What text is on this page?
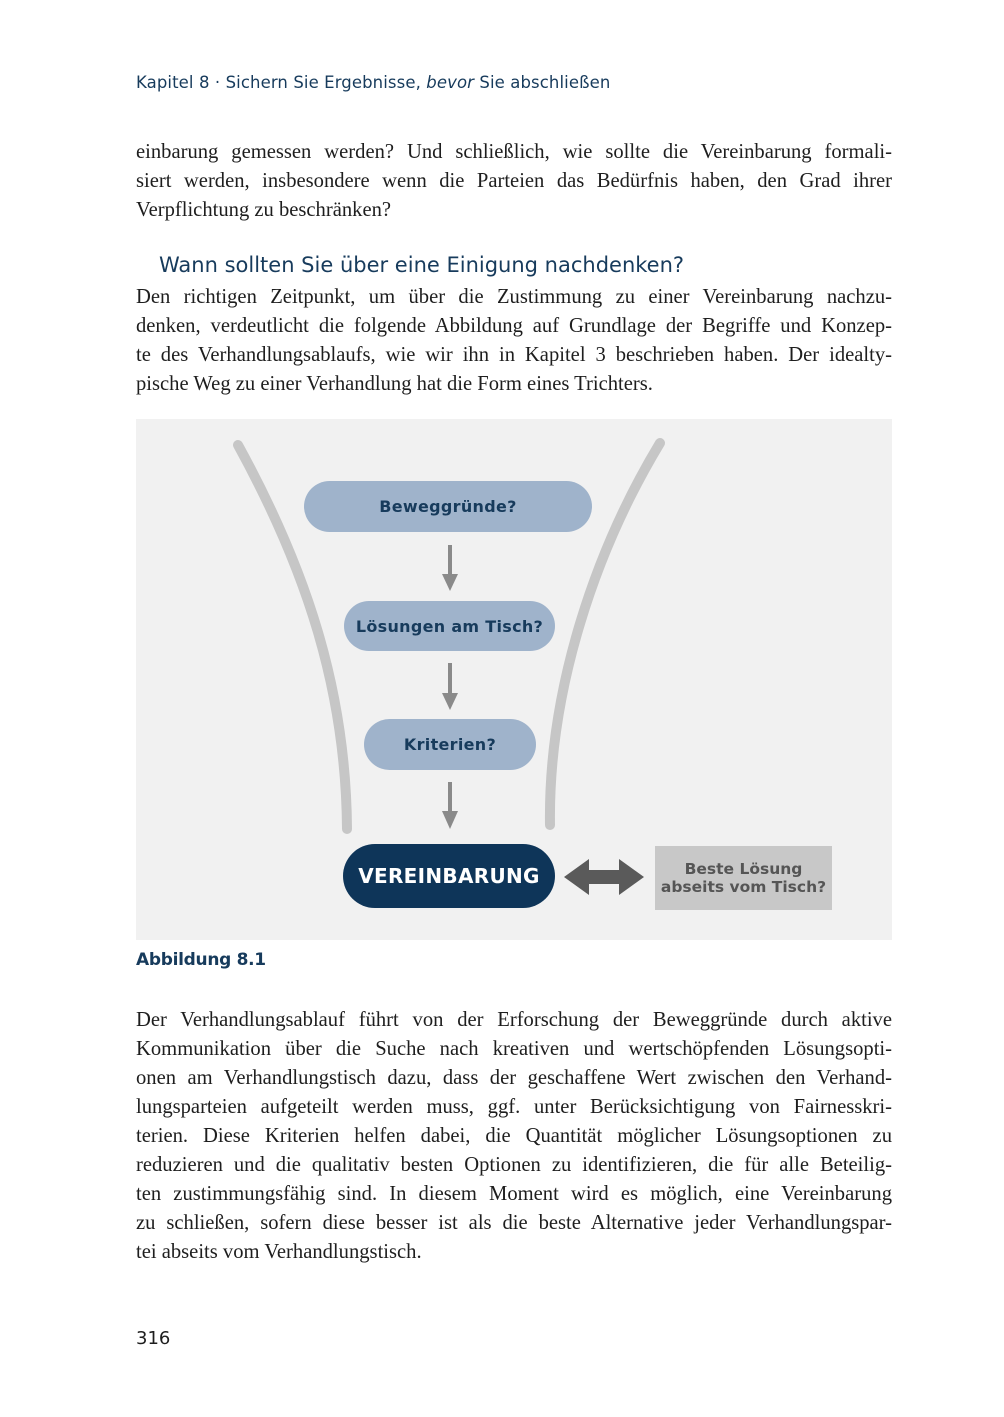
Kapitel 8 · Sichern Sie Ergebnisse, bevor Sie abschließen

einbarung gemessen werden? Und schließlich, wie sollte die Vereinbarung formali-
siert werden, insbesondere wenn die Parteien das Bedürfnis haben, den Grad ihrer
Verpflichtung zu beschränken?

Wann sollten Sie über eine Einigung nachdenken?

Den richtigen Zeitpunkt, um über die Zustimmung zu einer Vereinbarung nachzu-
denken, verdeutlicht die folgende Abbildung auf Grundlage der Begriffe und Konzep-
te des Verhandlungsablaufs, wie wir ihn in Kapitel 3 beschrieben haben. Der idealty-
pische Weg zu einer Verhandlung hat die Form eines Trichters.

Beweggründe?
Lösungen am Tisch?
Kriterien?
VEREINBARUNG	Beste Lösung
abseits vom Tisch?
Abbildung 8.1

Der Verhandlungsablauf führt von der Erforschung der Beweggründe durch aktive
Kommunikation über die Suche nach kreativen und wertschöpfenden Lösungsopti-
onen am Verhandlungstisch dazu, dass der geschaffene Wert zwischen den Verhand-
lungsparteien aufgeteilt werden muss, ggf. unter Berücksichtigung von Fairnesskri-
terien. Diese Kriterien helfen dabei, die Quantität möglicher Lösungsoptionen zu
reduzieren und die qualitativ besten Optionen zu identifizieren, die für alle Beteilig-
ten zustimmungsfähig sind. In diesem Moment wird es möglich, eine Vereinbarung
zu schließen, sofern diese besser ist als die beste Alternative jeder Verhandlungspar-
tei abseits vom Verhandlungstisch.

316
